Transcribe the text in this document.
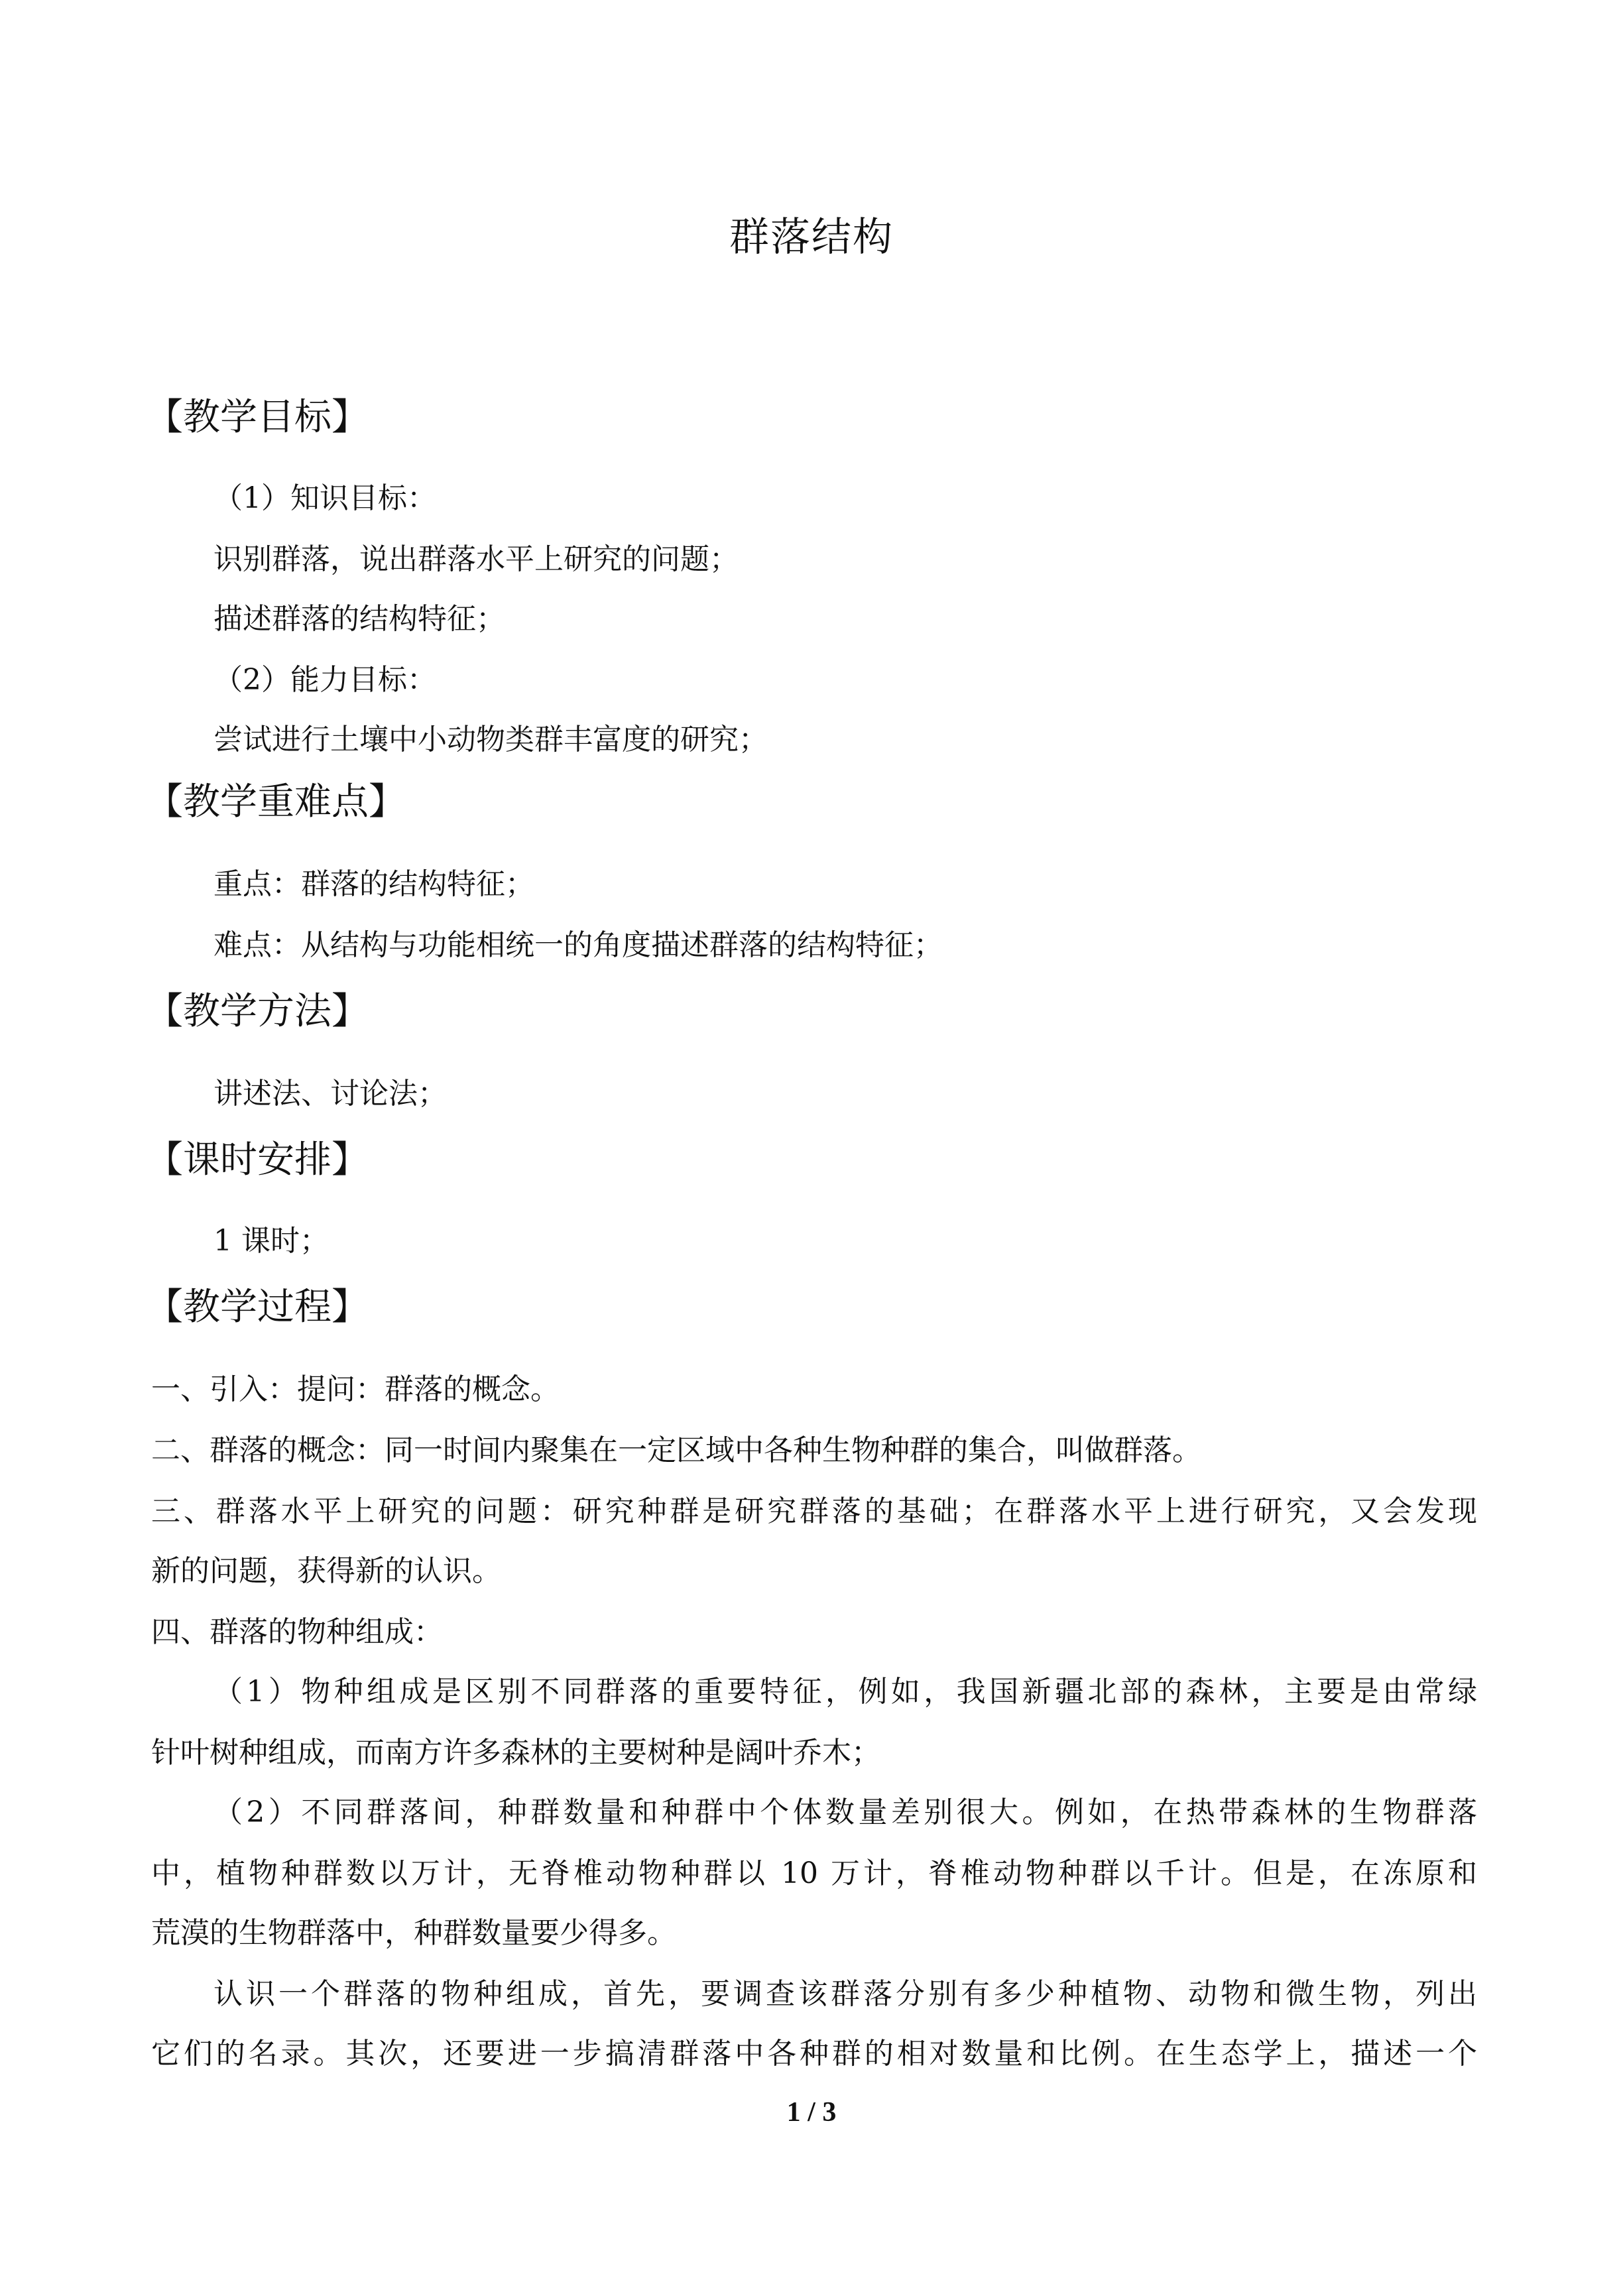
群落结构
【教学目标】
（1）知识目标：
识别群落，说出群落水平上研究的问题；
描述群落的结构特征；
（2）能力目标：
尝试进行土壤中小动物类群丰富度的研究；
【教学重难点】
重点：群落的结构特征；
难点：从结构与功能相统一的角度描述群落的结构特征；
【教学方法】
讲述法、讨论法；
【课时安排】
1 课时；
【教学过程】
一、引入：提问：群落的概念。
二、群落的概念：同一时间内聚集在一定区域中各种生物种群的集合，叫做群落。
三、群落水平上研究的问题：研究种群是研究群落的基础；在群落水平上进行研究，又会发现
新的问题，获得新的认识。
四、群落的物种组成：
（1）物种组成是区别不同群落的重要特征，例如，我国新疆北部的森林，主要是由常绿
针叶树种组成，而南方许多森林的主要树种是阔叶乔木；
（2）不同群落间，种群数量和种群中个体数量差别很大。例如，在热带森林的生物群落
中，植物种群数以万计，无脊椎动物种群以 10 万计，脊椎动物种群以千计。但是，在冻原和
荒漠的生物群落中，种群数量要少得多。
认识一个群落的物种组成，首先，要调查该群落分别有多少种植物、动物和微生物，列出
它们的名录。其次，还要进一步搞清群落中各种群的相对数量和比例。在生态学上，描述一个
1 / 3
